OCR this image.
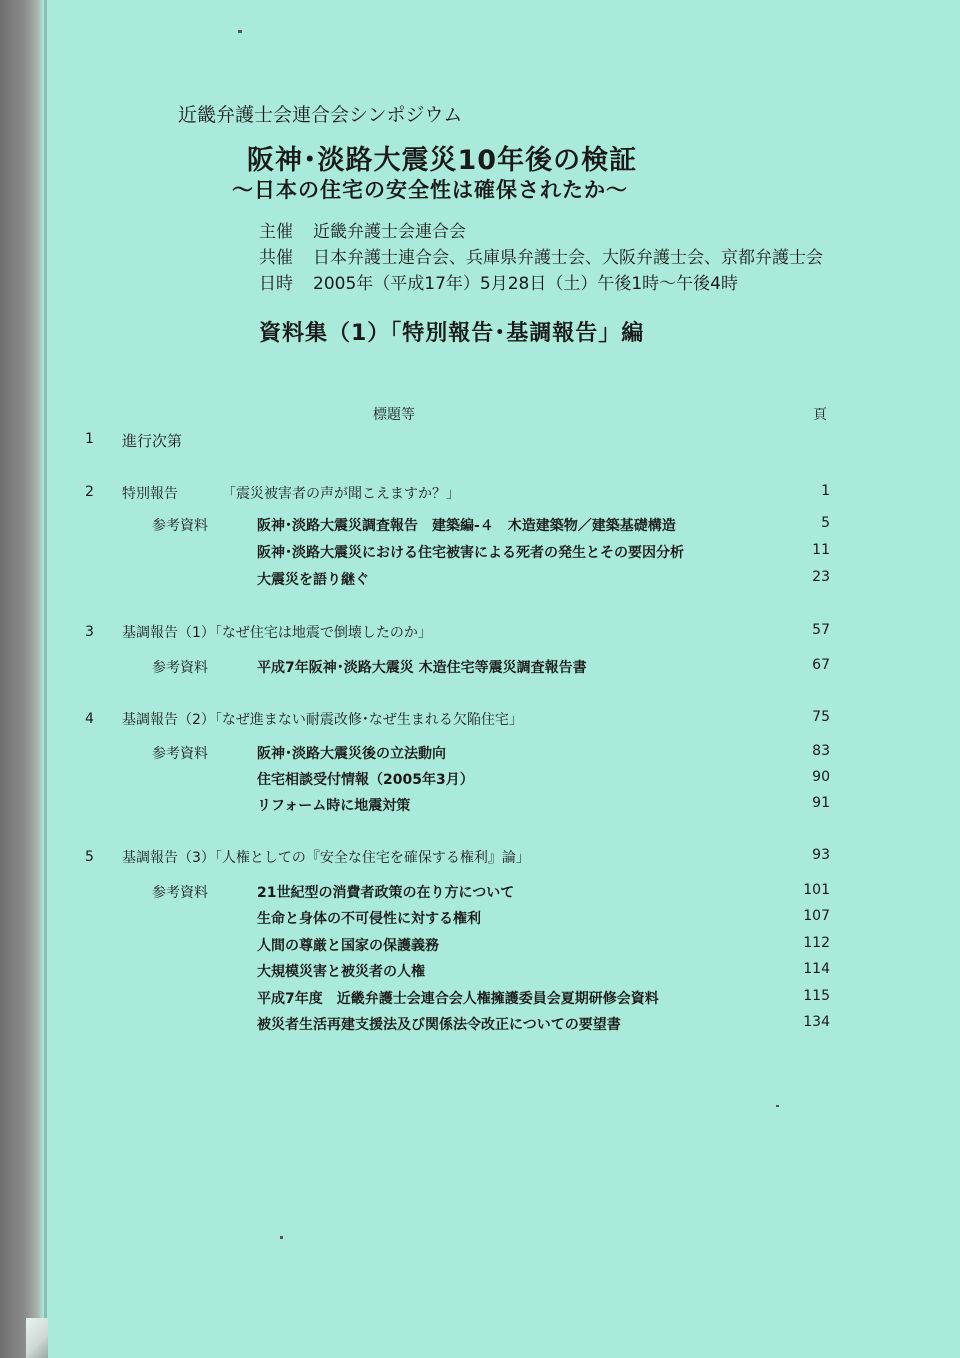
近畿弁護士会連合会シンポジウム
阪神･淡路大震災10年後の検証
～日本の住宅の安全性は確保されたか～
主催 近畿弁護士会連合会
共催 日本弁護士連合会、兵庫県弁護士会、大阪弁護士会、京都弁護士会
日時 2005年（平成17年）5月28日（土）午後1時～午後4時
資料集（1）「特別報告･基調報告」編
標題等	頁
1 進行次第
2 特別報告	「震災被害者の声が聞こえますか？」	1
参考資料	阪神･淡路大震災調査報告　建築編-４　木造建築物／建築基礎構造	5
阪神･淡路大震災における住宅被害による死者の発生とその要因分析	11
大震災を語り継ぐ	23
3 基調報告（1）「なぜ住宅は地震で倒壊したのか」	57
参考資料	平成7年阪神･淡路大震災 木造住宅等震災調査報告書	67
4 基調報告（2）「なぜ進まない耐震改修･なぜ生まれる欠陥住宅」	75
参考資料	阪神･淡路大震災後の立法動向	83
住宅相談受付情報（2005年3月）	90
リフォーム時に地震対策	91
5 基調報告（3）「人権としての『安全な住宅を確保する権利』論」	93
参考資料	21世紀型の消費者政策の在り方について	101
生命と身体の不可侵性に対する権利	107
人間の尊厳と国家の保護義務	112
大規模災害と被災者の人権	114
平成7年度　近畿弁護士会連合会人権擁護委員会夏期研修会資料	115
被災者生活再建支援法及び関係法令改正についての要望書	134
